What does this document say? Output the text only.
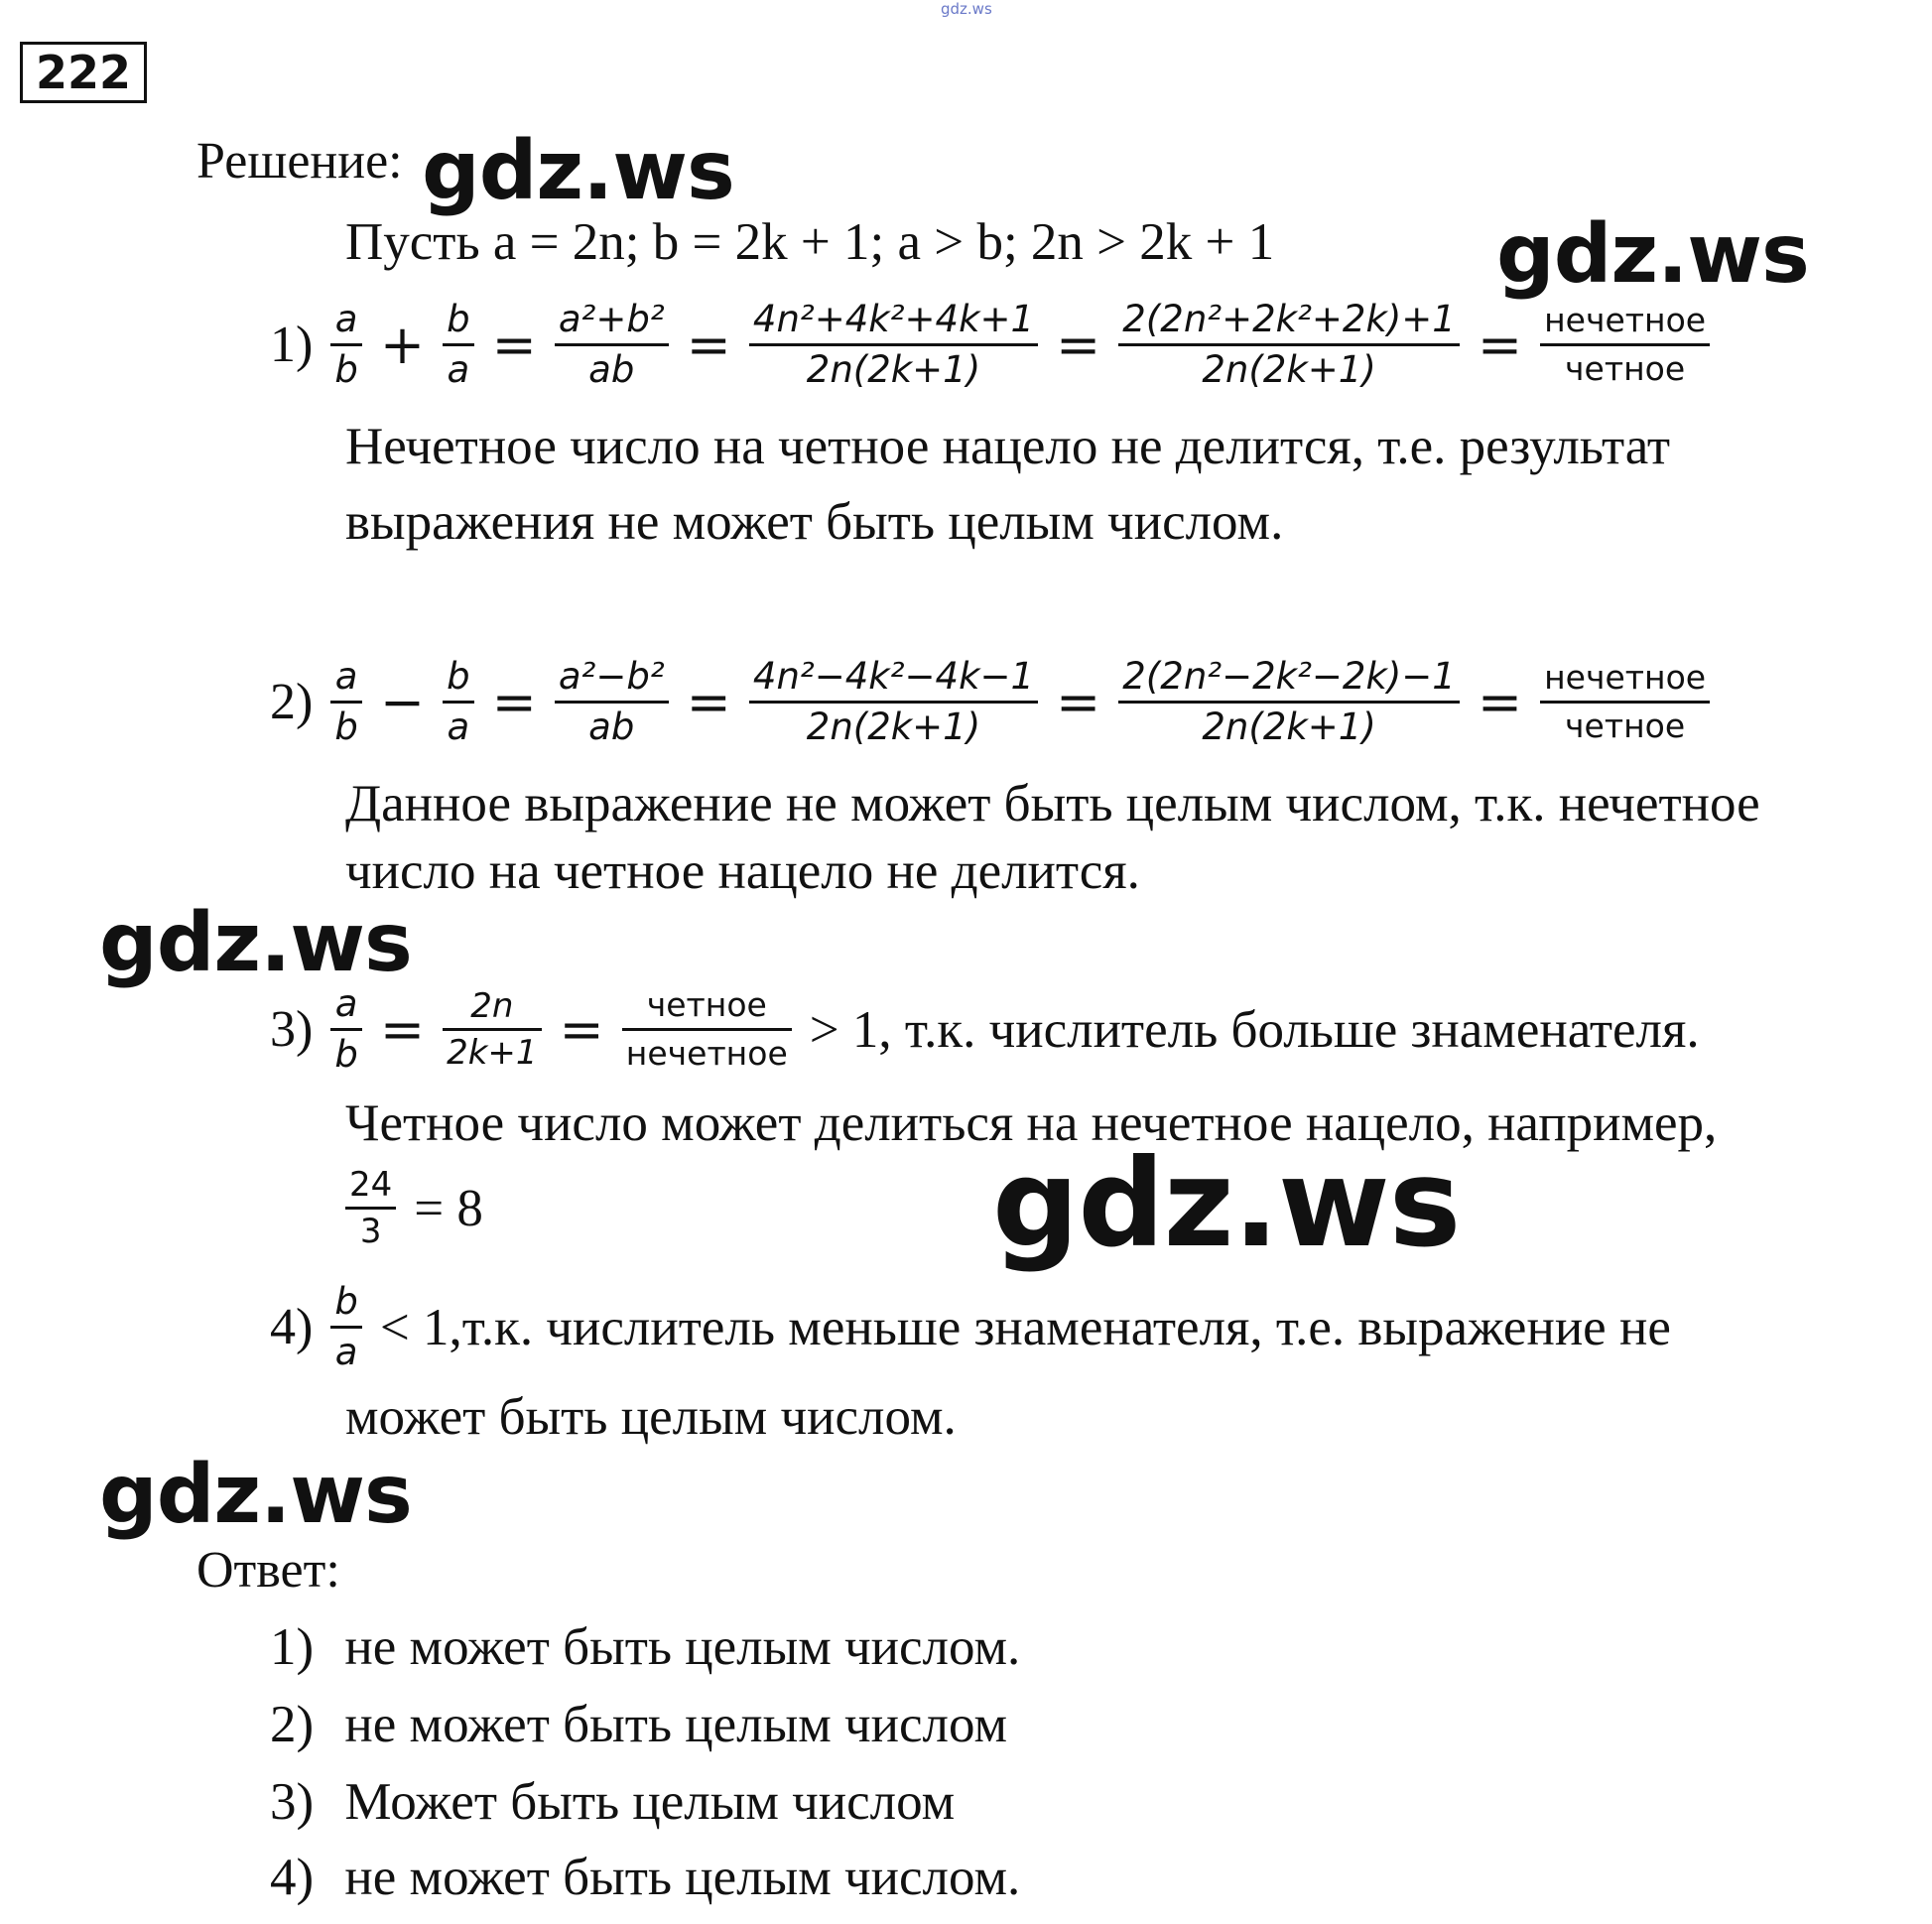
gdz.ws
222
Решение: gdz.ws
Пусть a = 2n; b = 2k + 1; a > b; 2n > 2k + 1	gdz.ws
$1) \frac{a}{b} + \frac{b}{a} = \frac{\text{a²+b²}}{ab} = \frac{\text{4n²+4k²+4k+1}}{2n(2k+1)} = \frac{\text{2(2n²+2k²+2k)+1}}{2n(2k+1)} = \frac{\text{нечетное}}{\text{четное}}$
Нечетное число на четное нацело не делится, т.е. результат
выражения не может быть целым числом.
$2) \frac{a}{b} - \frac{b}{a} = \frac{\text{a²−b²}}{ab} = \frac{\text{4n²−4k²−4k−1}}{2n(2k+1)} = \frac{\text{2(2n²−2k²−2k)−1}}{2n(2k+1)} = \frac{\text{нечетное}}{\text{четное}}$
Данное выражение не может быть целым числом, т.к. нечетное
число на четное нацело не делится.
gdz.ws
$3) \frac{a}{b} = \frac{2n}{2k+1} = \frac{\text{четное}}{\text{нечетное}} > 1$, т.к. числитель больше знаменателя.
Четное число может делиться на нечетное нацело, например,
$\frac{24}{3} = 8$	gdz.ws
$4) \frac{b}{a} < 1,т.к$. числитель меньше знаменателя, т.е. выражение не
может быть целым числом.
gdz.ws
Ответ:
1) не может быть целым числом.
2) не может быть целым числом
3) Может быть целым числом
4) не может быть целым числом.
